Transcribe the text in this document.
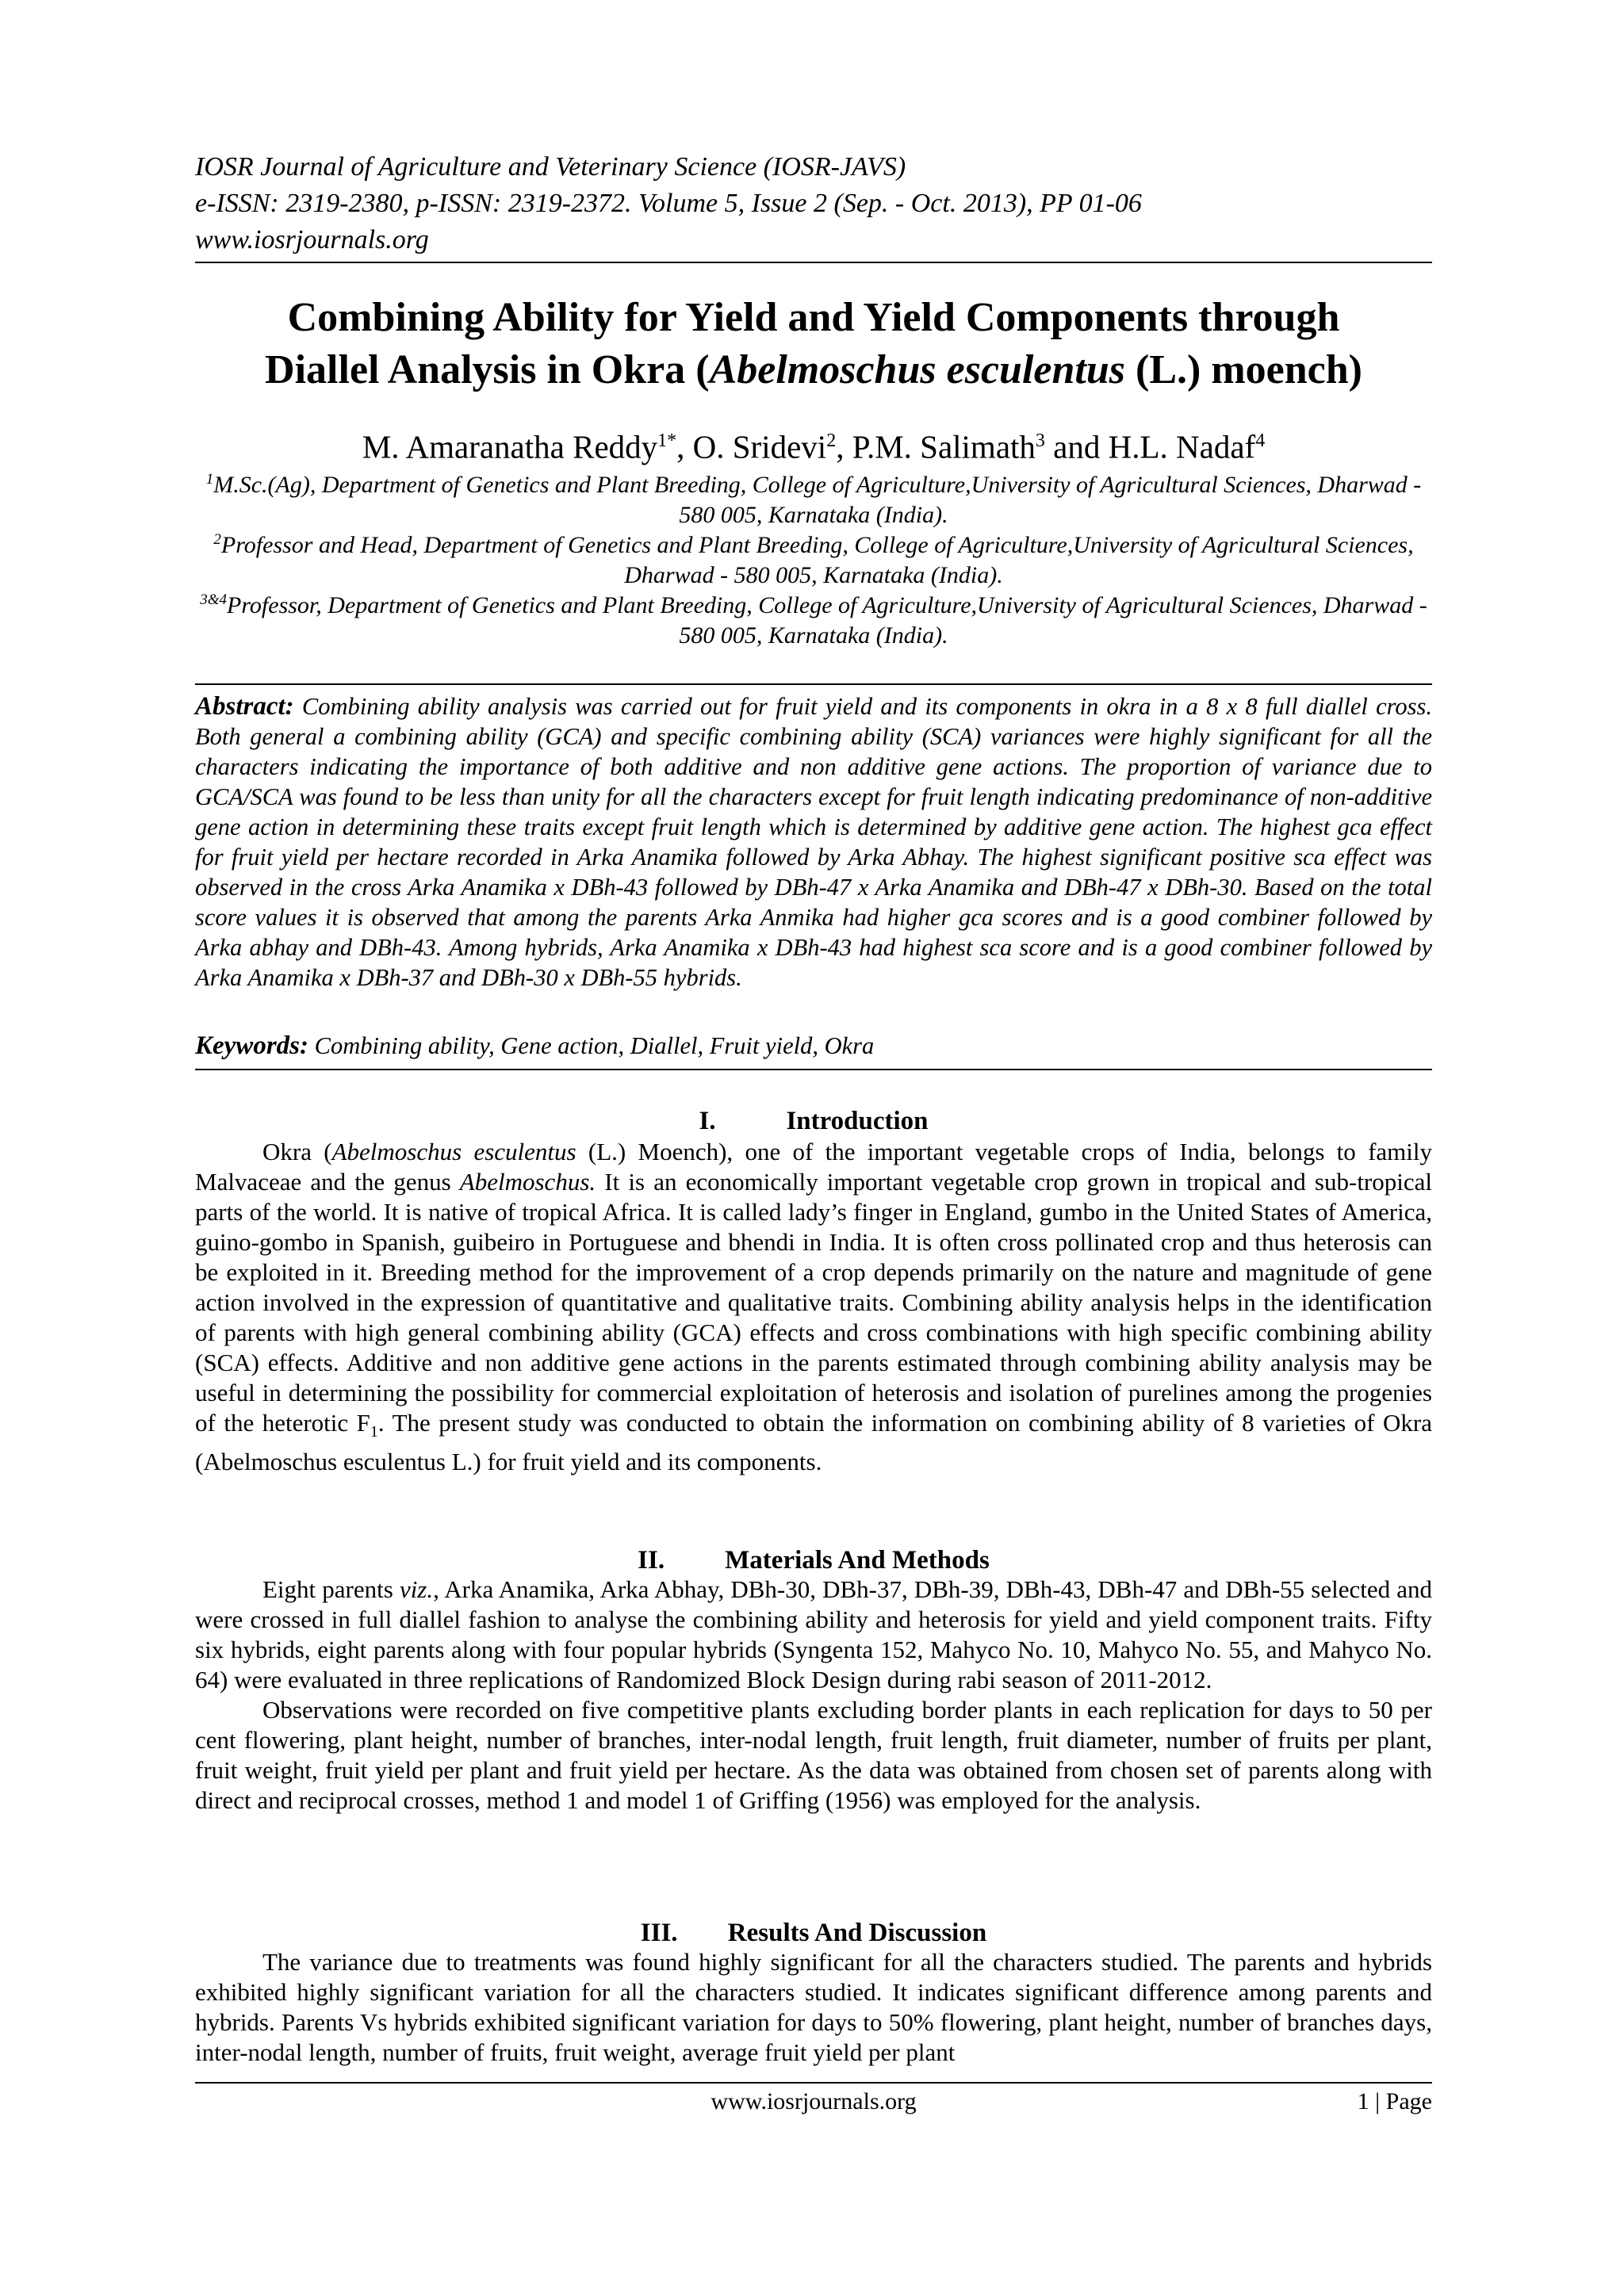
IOSR Journal of Agriculture and Veterinary Science (IOSR-JAVS)
e-ISSN: 2319-2380, p-ISSN: 2319-2372. Volume 5, Issue 2 (Sep. - Oct. 2013), PP 01-06
www.iosrjournals.org
Combining Ability for Yield and Yield Components through
Diallel Analysis in Okra (Abelmoschus esculentus (L.) moench)
M. Amaranatha Reddy$^{1*}$, O. Sridevi$^2$, P.M. Salimath$^3$ and H.L. Nadaf$^4$
$^1$M.Sc.(Ag), Department of Genetics and Plant Breeding, College of Agriculture,University of Agricultural Sciences, Dharwad - 580 005, Karnataka (India).
$^2$Professor and Head, Department of Genetics and Plant Breeding, College of Agriculture,University of Agricultural Sciences, Dharwad - 580 005, Karnataka (India).
$^{3\&4}$Professor, Department of Genetics and Plant Breeding, College of Agriculture,University of Agricultural Sciences, Dharwad - 580 005, Karnataka (India).
Abstract: Combining ability analysis was carried out for fruit yield and its components in okra in a 8 x 8 full diallel cross. Both general a combining ability (GCA) and specific combining ability (SCA) variances were highly significant for all the characters indicating the importance of both additive and non additive gene actions. The proportion of variance due to GCA/SCA was found to be less than unity for all the characters except for fruit length indicating predominance of non-additive gene action in determining these traits except fruit length which is determined by additive gene action. The highest gca effect for fruit yield per hectare recorded in Arka Anamika followed by Arka Abhay. The highest significant positive sca effect was observed in the cross Arka Anamika x DBh-43 followed by DBh-47 x Arka Anamika and DBh-47 x DBh-30. Based on the total score values it is observed that among the parents Arka Anmika had higher gca scores and is a good combiner followed by Arka abhay and DBh-43. Among hybrids, Arka Anamika x DBh-43 had highest sca score and is a good combiner followed by Arka Anamika x DBh-37 and DBh-30 x DBh-55 hybrids.
Keywords: Combining ability, Gene action, Diallel, Fruit yield, Okra
I.	Introduction

Okra (Abelmoschus esculentus (L.) Moench), one of the important vegetable crops of India, belongs to family Malvaceae and the genus Abelmoschus. It is an economically important vegetable crop grown in tropical and sub-tropical parts of the world. It is native of tropical Africa. It is called lady’s finger in England, gumbo in the United States of America, guino-gombo in Spanish, guibeiro in Portuguese and bhendi in India. It is often cross pollinated crop and thus heterosis can be exploited in it. Breeding method for the improvement of a crop depends primarily on the nature and magnitude of gene action involved in the expression of quantitative and qualitative traits. Combining ability analysis helps in the identification of parents with high general combining ability (GCA) effects and cross combinations with high specific combining ability (SCA) effects. Additive and non additive gene actions in the parents estimated through combining ability analysis may be useful in determining the possibility for commercial exploitation of heterosis and isolation of purelines among the progenies of the heterotic $F_1$. The present study was conducted to obtain the information on combining ability of 8 varieties of Okra (Abelmoschus esculentus L.) for fruit yield and its components.

II. Materials And Methods

Eight parents viz., Arka Anamika, Arka Abhay, DBh-30, DBh-37, DBh-39, DBh-43, DBh-47 and DBh-55 selected and were crossed in full diallel fashion to analyse the combining ability and heterosis for yield and yield component traits. Fifty six hybrids, eight parents along with four popular hybrids (Syngenta 152, Mahyco No. 10, Mahyco No. 55, and Mahyco No. 64) were evaluated in three replications of Randomized Block Design during rabi season of 2011-2012.

Observations were recorded on five competitive plants excluding border plants in each replication for days to 50 per cent flowering, plant height, number of branches, inter-nodal length, fruit length, fruit diameter, number of fruits per plant, fruit weight, fruit yield per plant and fruit yield per hectare. As the data was obtained from chosen set of parents along with direct and reciprocal crosses, method 1 and model 1 of Griffing (1956) was employed for the analysis.

III. Results And Discussion

The variance due to treatments was found highly significant for all the characters studied. The parents and hybrids exhibited highly significant variation for all the characters studied. It indicates significant difference among parents and hybrids. Parents Vs hybrids exhibited significant variation for days to 50% flowering, plant height, number of branches days, inter-nodal length, number of fruits, fruit weight, average fruit yield per plant

www.iosrjournals.org	1 | Page
